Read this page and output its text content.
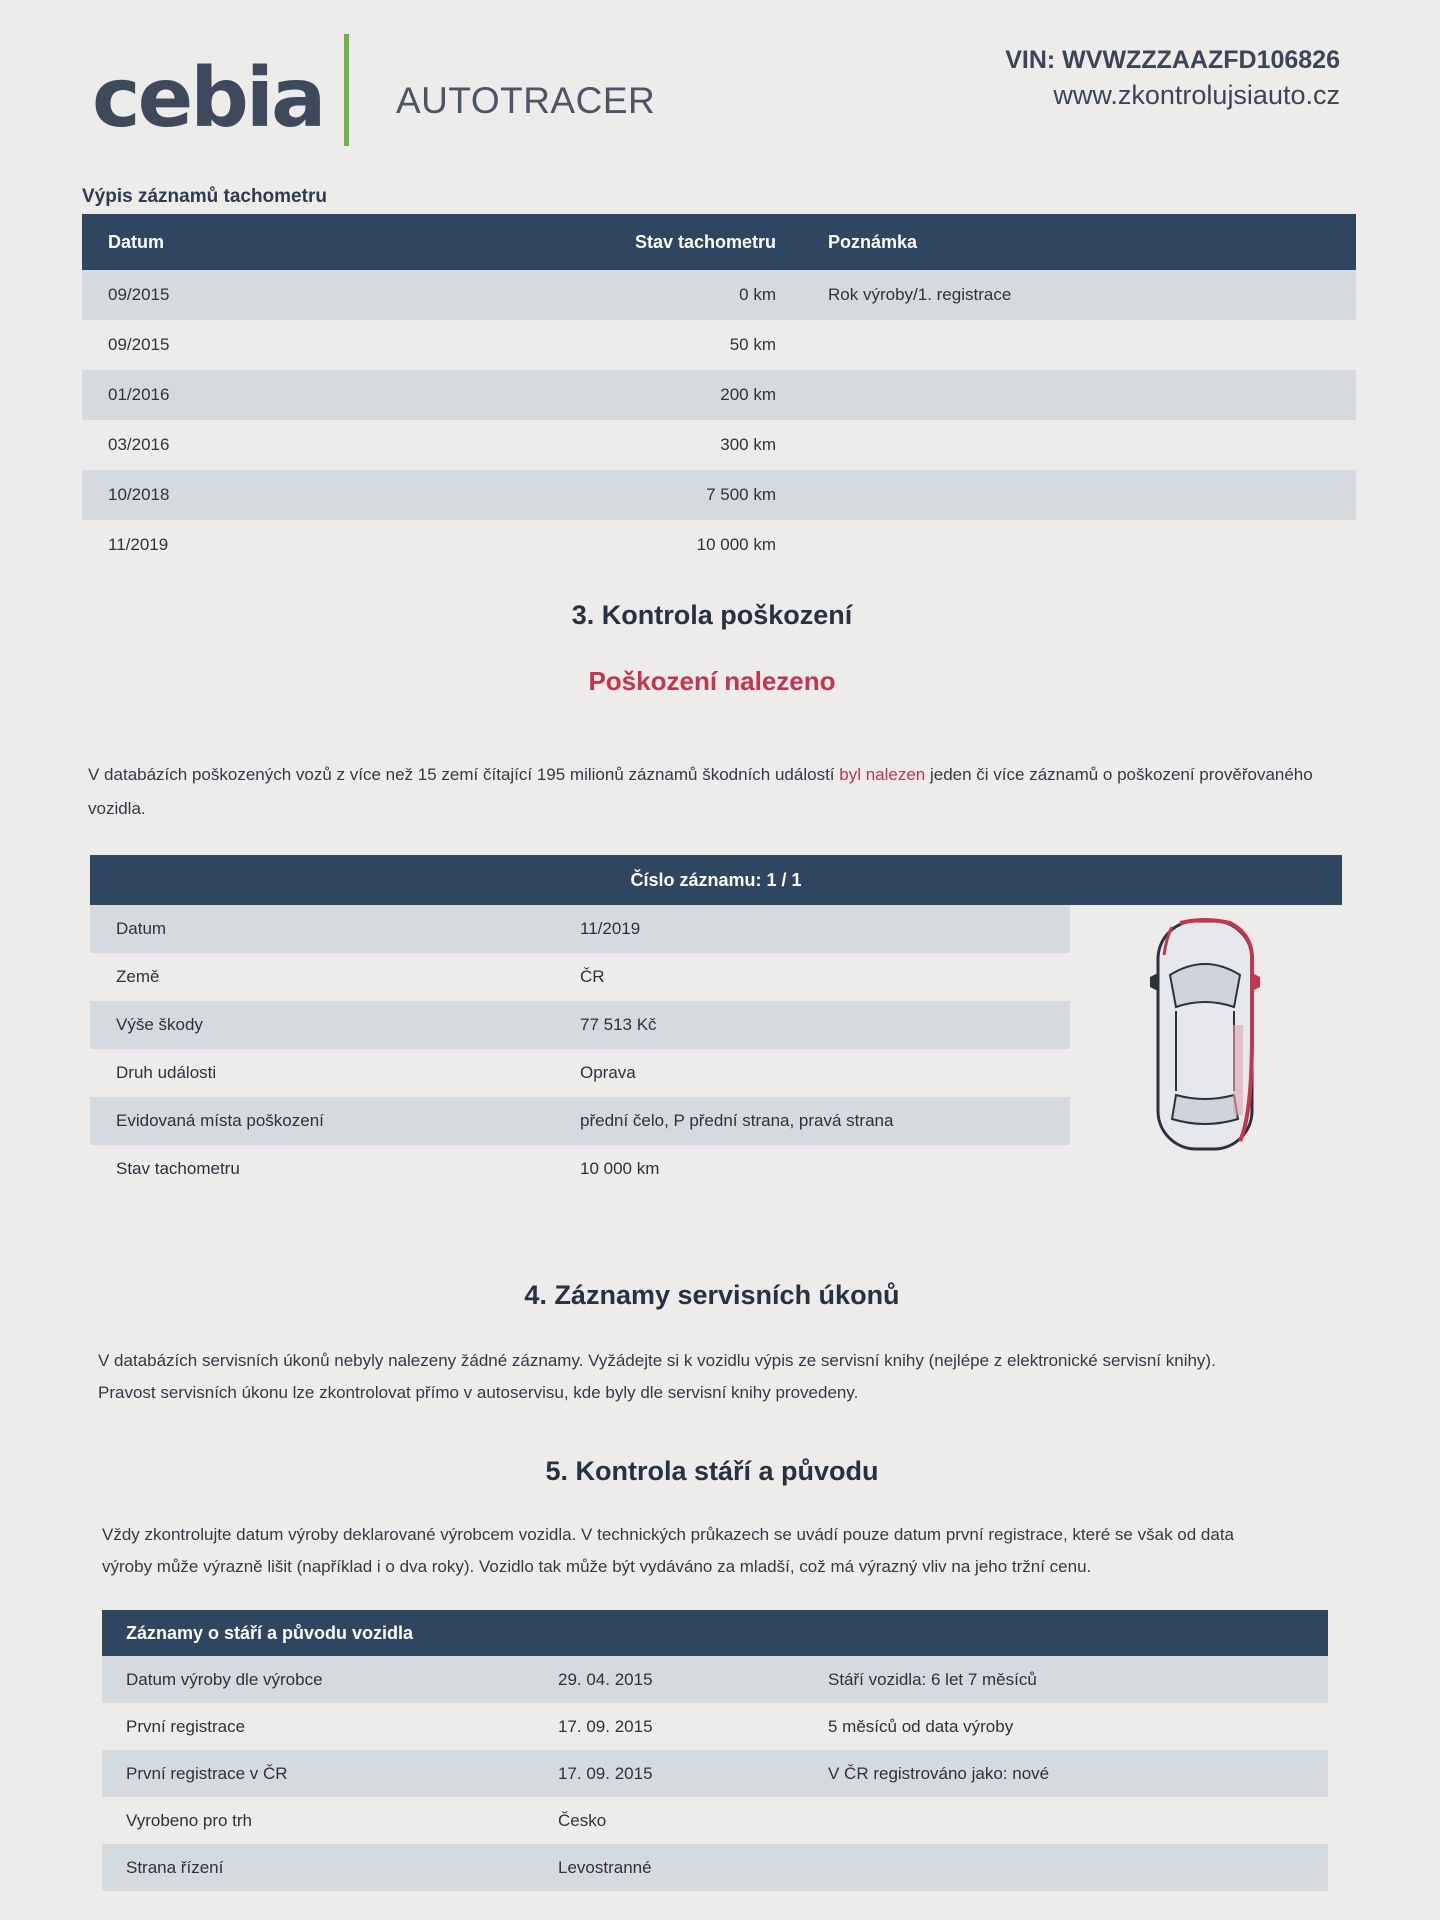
cebia AUTOTRACER
VIN: WVWZZZAAZFD106826
www.zkontrolujsiauto.cz
Výpis záznamů tachometru
Datum	Stav tachometru	Poznámka
09/2015	0 km	Rok výroby/1. registrace
09/2015	50 km
01/2016	200 km
03/2016	300 km
10/2018	7 500 km
11/2019	10 000 km
3. Kontrola poškození
Poškození nalezeno
V databázích poškozených vozů z více než 15 zemí čítající 195 milionů záznamů škodních událostí byl nalezen jeden či více záznamů o poškození prověřovaného vozidla.
Číslo záznamu: 1 / 1
Datum	11/2019
Země	ČR
Výše škody	77 513 Kč
Druh události	Oprava
Evidovaná místa poškození	přední čelo, P přední strana, pravá strana
Stav tachometru	10 000 km
4. Záznamy servisních úkonů
V databázích servisních úkonů nebyly nalezeny žádné záznamy. Vyžádejte si k vozidlu výpis ze servisní knihy (nejlépe z elektronické servisní knihy).
Pravost servisních úkonu lze zkontrolovat přímo v autoservisu, kde byly dle servisní knihy provedeny.
5. Kontrola stáří a původu
Vždy zkontrolujte datum výroby deklarované výrobcem vozidla. V technických průkazech se uvádí pouze datum první registrace, které se však od data
výroby může výrazně lišit (například i o dva roky). Vozidlo tak může být vydáváno za mladší, což má výrazný vliv na jeho tržní cenu.
Záznamy o stáří a původu vozidla
Datum výroby dle výrobce	29. 04. 2015	Stáří vozidla: 6 let 7 měsíců
První registrace	17. 09. 2015	5 měsíců od data výroby
První registrace v ČR	17. 09. 2015	V ČR registrováno jako: nové
Vyrobeno pro trh	Česko
Strana řízení	Levostranné
